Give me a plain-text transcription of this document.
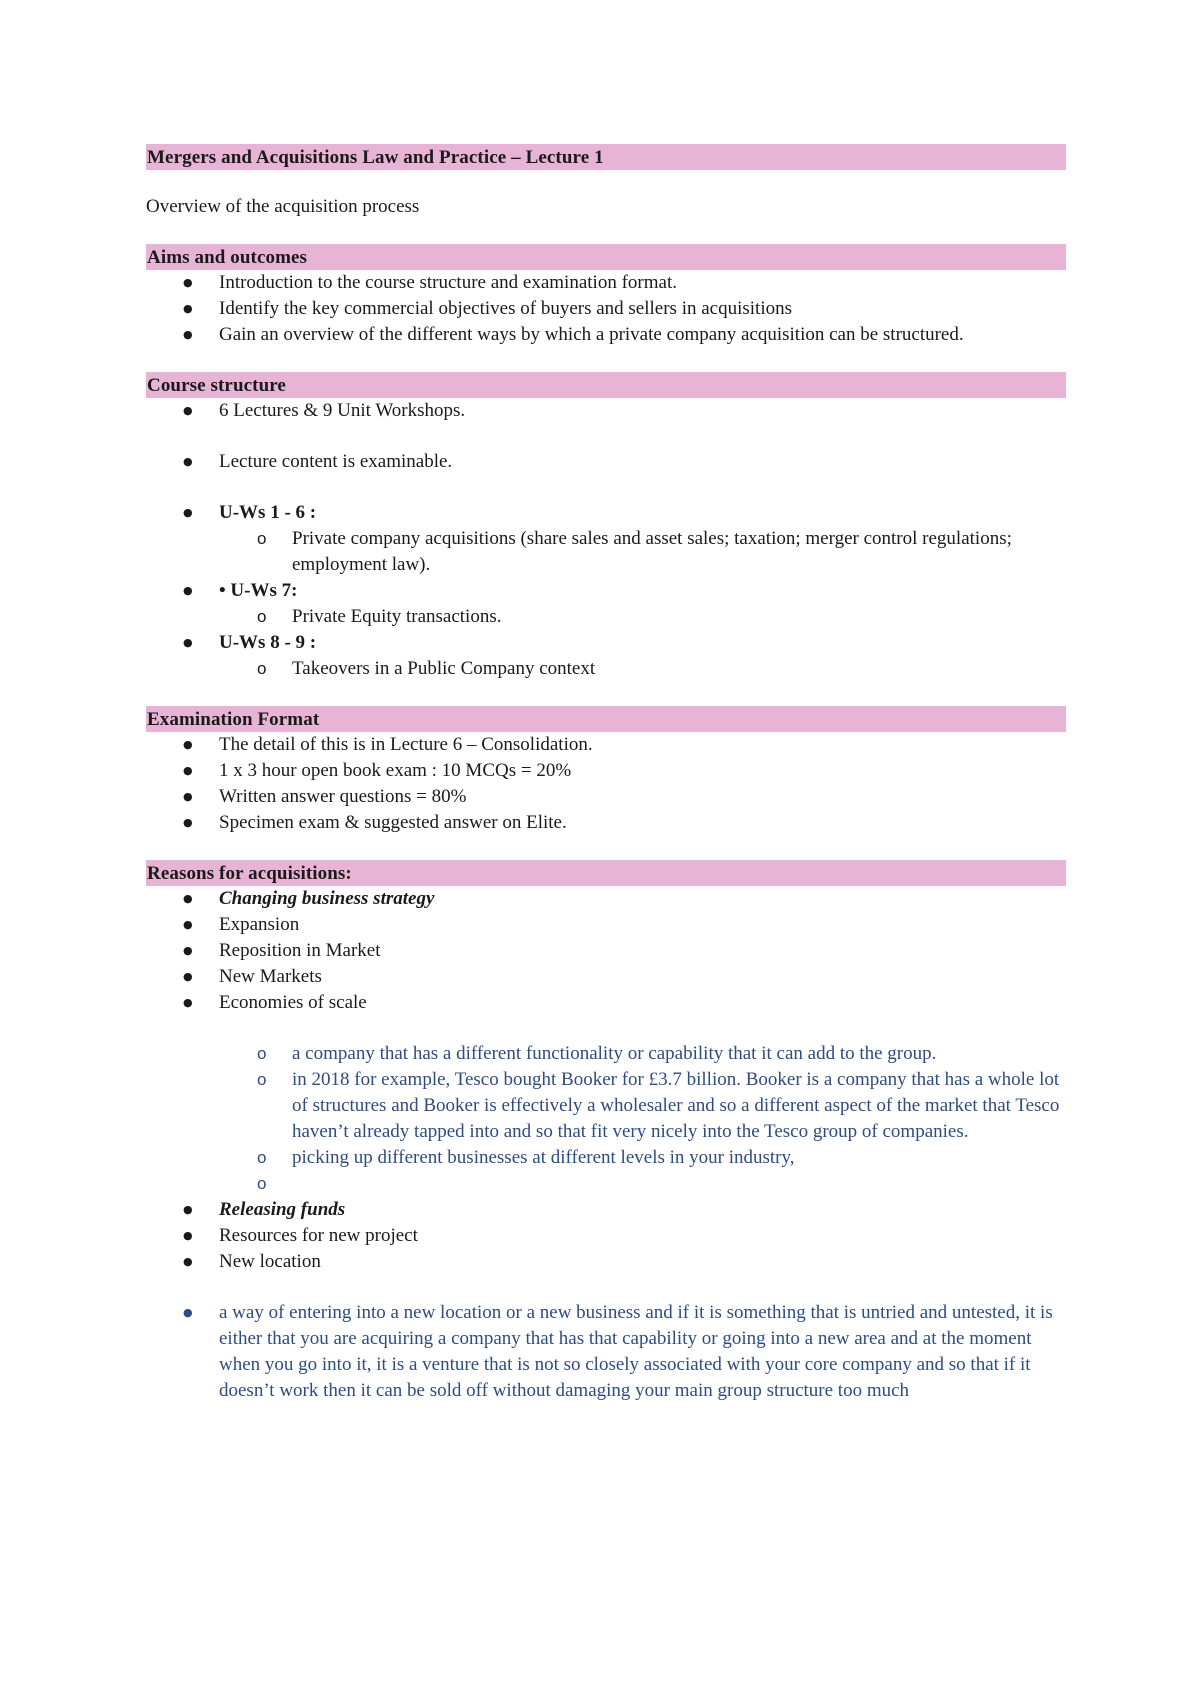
Mergers and Acquisitions Law and Practice – Lecture 1
Overview of the acquisition process
Aims and outcomes
● Introduction to the course structure and examination format.
● Identify the key commercial objectives of buyers and sellers in acquisitions
● Gain an overview of the different ways by which a private company acquisition can be structured.
Course structure
● 6 Lectures & 9 Unit Workshops.
● Lecture content is examinable.
● U-Ws 1 - 6 :
o Private company acquisitions (share sales and asset sales; taxation; merger control regulations; employment law).
● • U-Ws 7:
o Private Equity transactions.
● U-Ws 8 - 9 :
o Takeovers in a Public Company context
Examination Format
● The detail of this is in Lecture 6 – Consolidation.
● 1 x 3 hour open book exam : 10 MCQs = 20%
● Written answer questions = 80%
● Specimen exam & suggested answer on Elite.
Reasons for acquisitions:
● Changing business strategy
● Expansion
● Reposition in Market
● New Markets
● Economies of scale
o a company that has a different functionality or capability that it can add to the group.
o in 2018 for example, Tesco bought Booker for £3.7 billion. Booker is a company that has a whole lot of structures and Booker is effectively a wholesaler and so a different aspect of the market that Tesco haven’t already tapped into and so that fit very nicely into the Tesco group of companies.
o picking up different businesses at different levels in your industry,
o
● Releasing funds
● Resources for new project
● New location
● a way of entering into a new location or a new business and if it is something that is untried and untested, it is either that you are acquiring a company that has that capability or going into a new area and at the moment when you go into it, it is a venture that is not so closely associated with your core company and so that if it doesn’t work then it can be sold off without damaging your main group structure too much
